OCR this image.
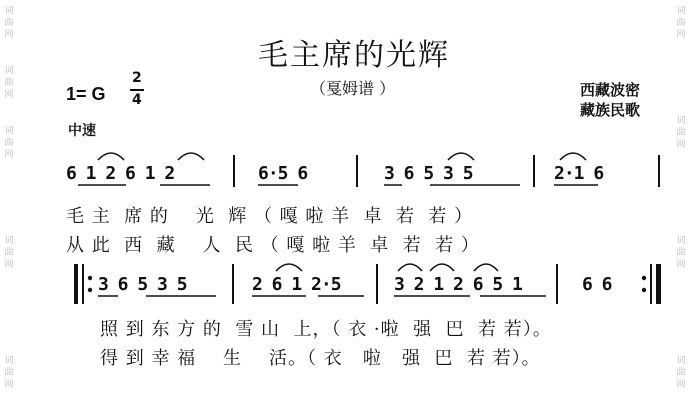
词
曲
网
词
曲
网
词
曲
网
词
曲
网
词
曲
网
词
曲
网
词
曲
网
词
曲
网
词
曲
网
毛主席的光辉
（戛姆谱 ）
1= G
2
4
中速
西藏波密
藏族民歌
6 1 2 6 1 2	6·5 6	3 6 5 3 5	2·1 6
毛 主  席 的    光  辉 （ 嘎 啦 羊  卓  若  若 ）
从 此  西  藏    人  民 （ 嘎 啦 羊  卓  若  若 ）
3 6 5 3 5	2 6 1 2·5	3 2 1 2 6 5 1	6 6
照 到 东 方 的  雪 山  上，（ 衣 ·啦  强  巴  若 若）。
得 到 幸 福    生    活。（ 衣   啦   强  巴  若 若）。
